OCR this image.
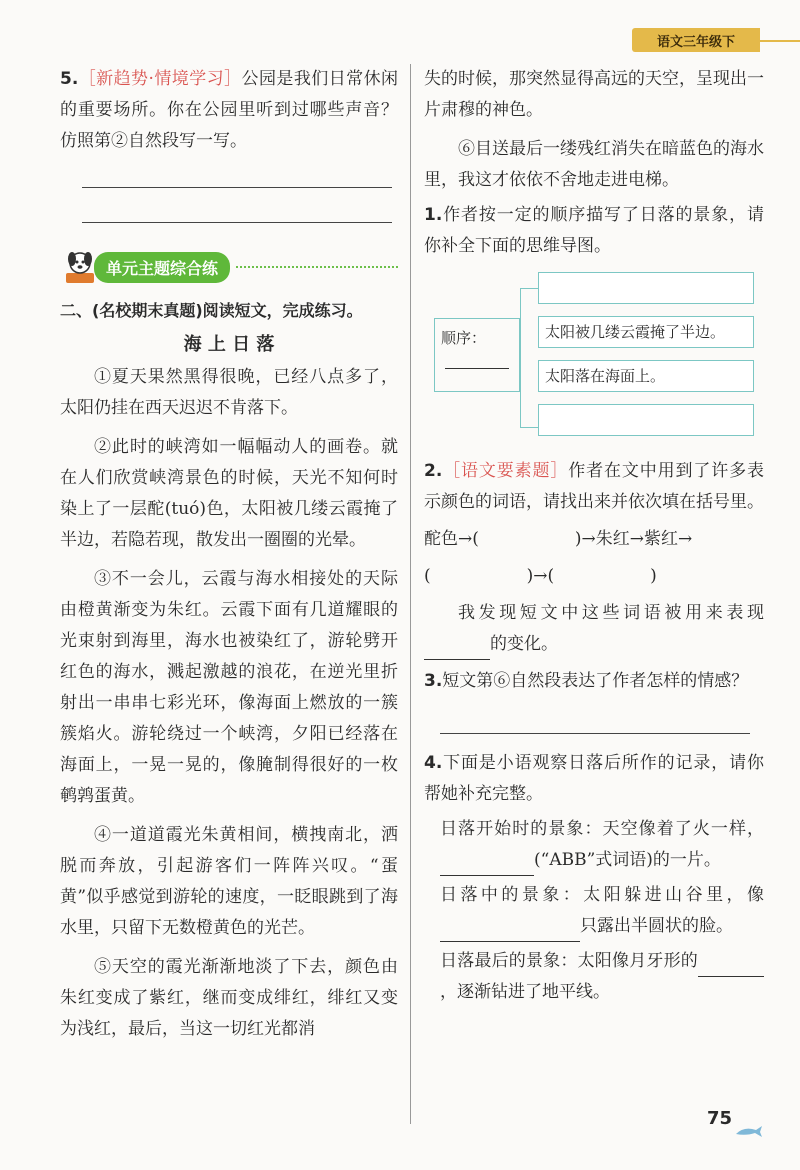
语文三年级下
5.［新趋势·情境学习］公园是我们日常休闲的重要场所。你在公园里听到过哪些声音？仿照第②自然段写一写。
单元主题综合练
二、(名校期末真题)阅读短文，完成练习。
海 上 日 落
①夏天果然黑得很晚，已经八点多了，太阳仍挂在西天迟迟不肯落下。
②此时的峡湾如一幅幅动人的画卷。就在人们欣赏峡湾景色的时候，天光不知何时染上了一层酡(tuó)色，太阳被几缕云霞掩了半边，若隐若现，散发出一圈圈的光晕。
③不一会儿，云霞与海水相接处的天际由橙黄渐变为朱红。云霞下面有几道耀眼的光束射到海里，海水也被染红了，游轮劈开红色的海水，溅起激越的浪花，在逆光里折射出一串串七彩光环，像海面上燃放的一簇簇焰火。游轮绕过一个峡湾，夕阳已经落在海面上，一晃一晃的，像腌制得很好的一枚鹌鹑蛋黄。
④一道道霞光朱黄相间，横拽南北，洒脱而奔放，引起游客们一阵阵兴叹。“蛋黄”似乎感觉到游轮的速度，一眨眼跳到了海水里，只留下无数橙黄色的光芒。
⑤天空的霞光渐渐地淡了下去，颜色由朱红变成了紫红，继而变成绯红，绯红又变为浅红，最后，当这一切红光都消
失的时候，那突然显得高远的天空，呈现出一片肃穆的神色。
⑥目送最后一缕残红消失在暗蓝色的海水里，我这才依依不舍地走进电梯。
1.作者按一定的顺序描写了日落的景象，请你补全下面的思维导图。
顺序：	太阳被几缕云霞掩了半边。
太阳落在海面上。
2.［语文要素题］作者在文中用到了许多表示颜色的词语，请找出来并依次填在括号里。
酡色→(	)→朱红→紫红→
(	)→(	)
我发现短文中这些词语被用来表现的变化。
3.短文第⑥自然段表达了作者怎样的情感？
4.下面是小语观察日落后所作的记录，请你帮她补充完整。
日落开始时的景象：天空像着了火一样，(“ABB”式词语)的一片。
日落中的景象：太阳躲进山谷里，像只露出半圆状的脸。
日落最后的景象：太阳像月牙形的，逐渐钻进了地平线。
75
